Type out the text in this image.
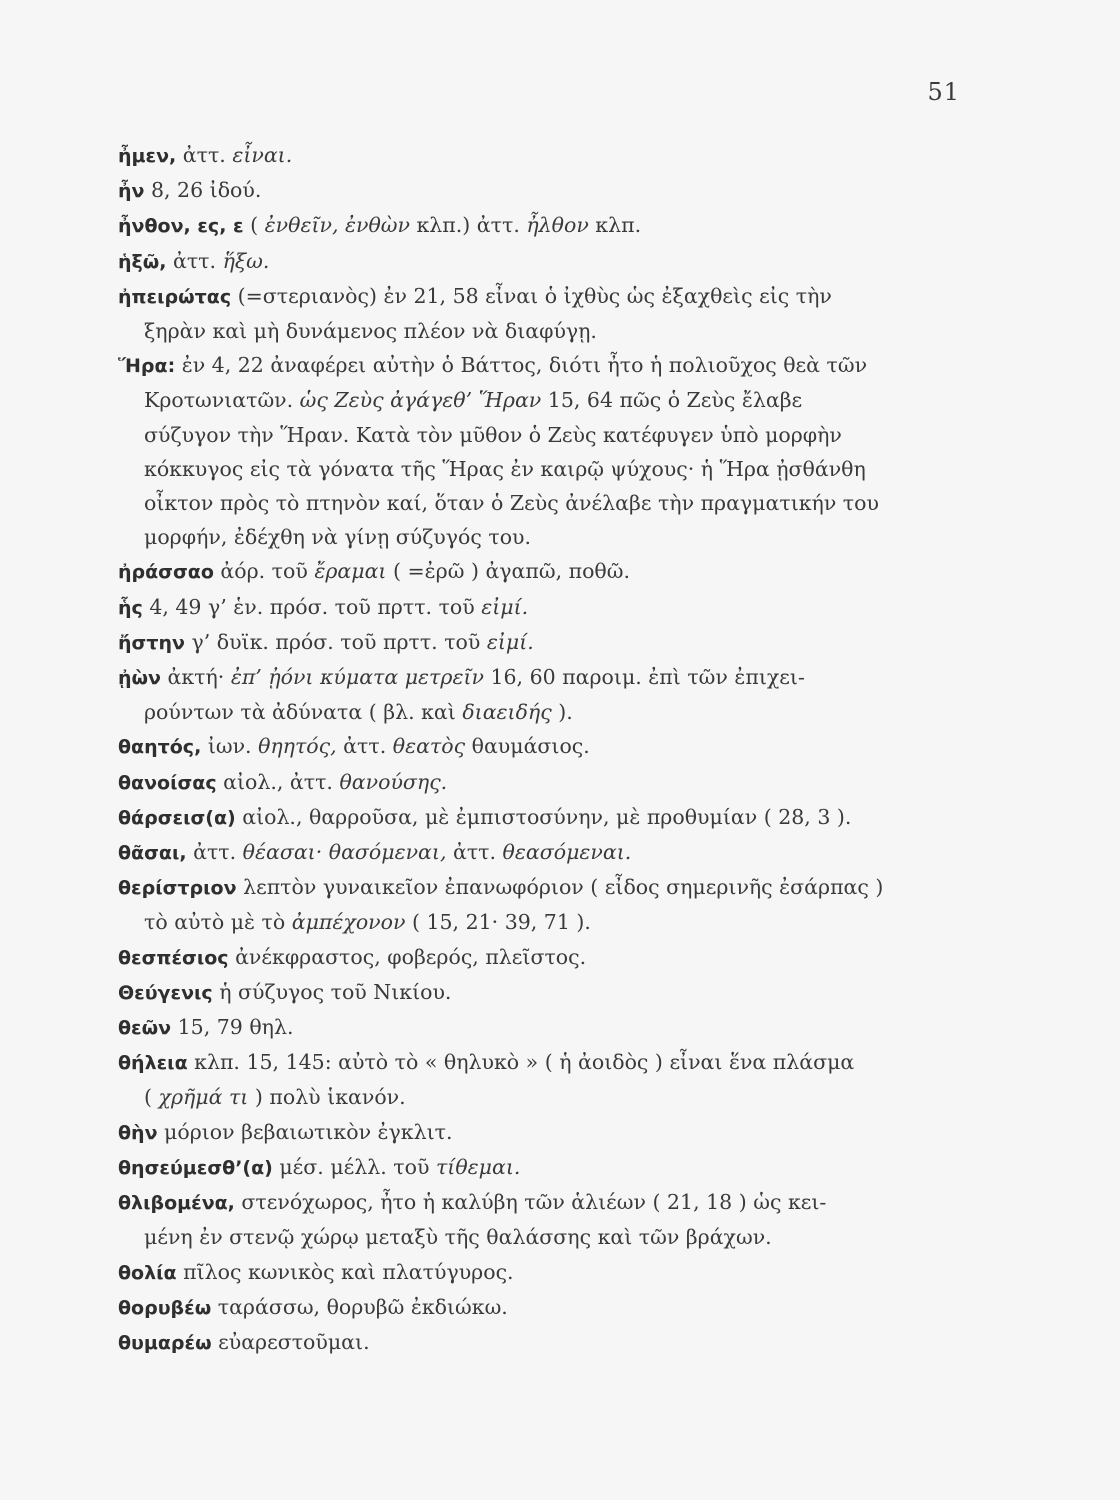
51
ἦμεν, ἀττ. εἶναι.
ἦν 8, 26 ἰδού.
ἦνθον, ες, ε ( ἐνθεῖν, ἐνθὼν κλπ.) ἀττ. ἦλθον κλπ.
ἡξῶ, ἀττ. ἥξω.
ἠπειρώτας (=στεριανὸς) ἐν 21, 58 εἶναι ὁ ἰχθὺς ὡς ἐξαχθεὶς εἰς τὴν
ξηρὰν καὶ μὴ δυνάμενος πλέον νὰ διαφύγῃ.
Ἥρα: ἐν 4, 22 ἀναφέρει αὐτὴν ὁ Βάττος, διότι ἦτο ἡ πολιοῦχος θεὰ τῶν
Κροτωνιατῶν. ὡς Ζεὺς ἀγάγεθ’ Ἥραν 15, 64 πῶς ὁ Ζεὺς ἔλαβε
σύζυγον τὴν Ἥραν. Κατὰ τὸν μῦθον ὁ Ζεὺς κατέφυγεν ὑπὸ μορφὴν
κόκκυγος εἰς τὰ γόνατα τῆς Ἥρας ἐν καιρῷ ψύχους· ἡ Ἥρα ᾐσθάνθη
οἶκτον πρὸς τὸ πτηνὸν καί, ὅταν ὁ Ζεὺς ἀνέλαβε τὴν πραγματικήν του
μορφήν, ἐδέχθη νὰ γίνῃ σύζυγός του.
ἠράσσαο ἀόρ. τοῦ ἔραμαι ( =ἐρῶ ) ἀγαπῶ, ποθῶ.
ἧς 4, 49 γ’ ἑν. πρόσ. τοῦ πρττ. τοῦ εἰμί.
ἤστην γ’ δυϊκ. πρόσ. τοῦ πρττ. τοῦ εἰμί.
ᾐὼν ἀκτή· ἐπ’ ᾐόνι κύματα μετρεῖν 16, 60 παροιμ. ἐπὶ τῶν ἐπιχει-
ρούντων τὰ ἀδύνατα ( βλ. καὶ διαειδής ).
θαητός, ἰων. θηητός, ἀττ. θεατὸς θαυμάσιος.
θανοίσας αἰολ., ἀττ. θανούσης.
θάρσεισ(α) αἰολ., θαρροῦσα, μὲ ἐμπιστοσύνην, μὲ προθυμίαν ( 28, 3 ).
θᾶσαι, ἀττ. θέασαι· θασόμεναι, ἀττ. θεασόμεναι.
θερίστριον λεπτὸν γυναικεῖον ἐπανωφόριον ( εἶδος σημερινῆς ἐσάρπας )
τὸ αὐτὸ μὲ τὸ ἀμπέχονον ( 15, 21· 39, 71 ).
θεσπέσιος ἀνέκφραστος, φοβερός, πλεῖστος.
Θεύγενις ἡ σύζυγος τοῦ Νικίου.
θεῶν 15, 79 θηλ.
θήλεια κλπ. 15, 145: αὐτὸ τὸ « θηλυκὸ » ( ἡ ἀοιδὸς ) εἶναι ἕνα πλάσμα
( χρῆμά τι ) πολὺ ἱκανόν.
θὴν μόριον βεβαιωτικὸν ἐγκλιτ.
θησεύμεσθ’(α) μέσ. μέλλ. τοῦ τίθεμαι.
θλιβομένα, στενόχωρος, ἦτο ἡ καλύβη τῶν ἁλιέων ( 21, 18 ) ὡς κει-
μένη ἐν στενῷ χώρῳ μεταξὺ τῆς θαλάσσης καὶ τῶν βράχων.
θολία πῖλος κωνικὸς καὶ πλατύγυρος.
θορυβέω ταράσσω, θορυβῶ ἐκδιώκω.
θυμαρέω εὐαρεστοῦμαι.
